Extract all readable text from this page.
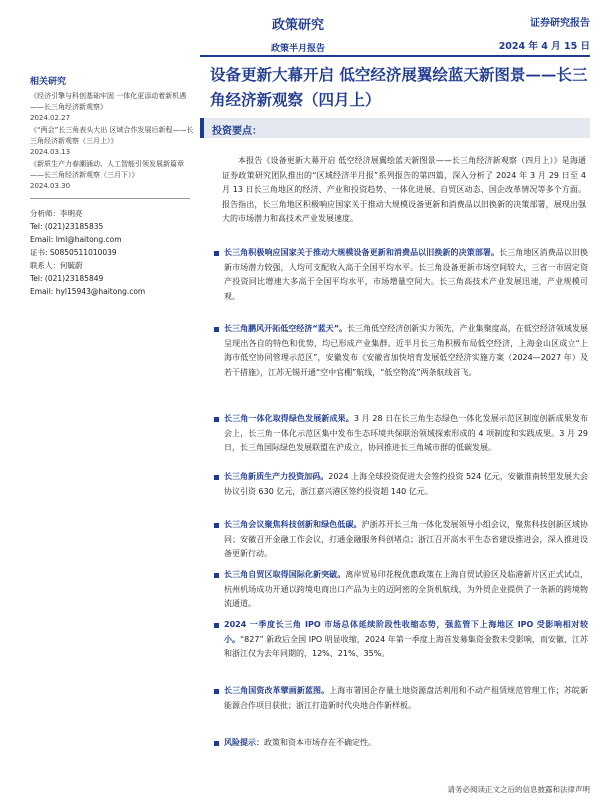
政策研究
政策半月报告
证券研究报告
2024 年 4 月 15 日
相关研究
《经济引擎与科创基础牢固 一体化更添动着新机遇——长三角经济新观察》
2024.02.27
《“两会”长三角表头大出 区域合作发展后新程——长三角经济新观察（三月上）》
2024.03.13
《新质生产力春潮涌动、人工智能引领发展新篇章——长三角经济新观察（三月下）》
2024.03.30
分析师：李明亮
Tel: (021)23185835
Email: lml@haitong.com
证书: S0850511010039
联系人：何毓蔚
Tel: (021)23185849
Email: hyl15943@haitong.com
设备更新大幕开启 低空经济展翼绘蓝天新图景——长三角经济新观察（四月上）
投资要点：
本报告《设备更新大幕开启 低空经济展翼绘蓝天新图景——长三角经济新观察（四月上）》是海通证券政策研究团队推出的“区域经济半月报”系列报告的第四篇，深入分析了 2024 年 3 月 29 日至 4 月 13 日长三角地区的经济、产业和投资趋势、一体化进展、自贸区动态、国企改革情况等多个方面。报告指出，长三角地区积极响应国家关于推动大规模设备更新和消费品以旧换新的决策部署，展现出强大的市场潜力和高技术产业发展速度。

长三角积极响应国家关于推动大规模设备更新和消费品以旧换新的决策部署。长三角地区消费品以旧换新市场潜力较强，人均可支配收入高于全国平均水平。长三角设备更新市场空间较大，三省一市固定资产投资同比增速大多高于全国平均水平，市场增量空间大。长三角高技术产业发展迅速，产业规模可观。

长三角鹏风开拓低空经济“蓝天”。长三角低空经济创新实力领先，产业集聚度高，在低空经济领域发展呈现出各自的特色和优势，均已形成产业集群。近半月长三角积极布局低空经济，上海金山区成立“上海市低空协同管理示范区”，安徽发布《安徽省加快培育发展低空经济实施方案（2024—2027 年）及若干措施》，江苏无锡开通“空中官棚”航线，“低空物流”两条航线首飞。

长三角一体化取得绿色发展新成果。3 月 28 日在长三角生态绿色一体化发展示范区制度创新成果发布会上，长三角一体化示范区集中发布生态环境共保联治领域探索形成的 4 项制度和实践成果。3 月 29 日，长三角国际绿色发展联盟在沪成立，协同推进长三角城市群的低碳发展。

长三角新质生产力投资加码。2024 上海全球投资促进大会签约投资 524 亿元，安徽淮南转型发展大会协议引资 630 亿元，浙江嘉兴港区签约投资超 140 亿元。

长三角会议聚焦科技创新和绿色低碳。沪浙苏开长三角一体化发展领导小组会议，聚焦科技创新区域协同；安徽召开金融工作会议，打通金融服务科创堵点；浙江召开高水平生态省建设推进会，深入推进设备更新行动。

长三角自贸区取得国际化新突破。离岸贸易印花税优惠政策在上海自贸试验区及临港新片区正式试点，杭州机场成功开通以跨境电商出口产品为主的迈阿密的全货机航线，为外贸企业提供了一条新的跨境物流通道。

2024 一季度长三角 IPO 市场总体延续阶段性收缩态势，强监管下上海地区 IPO 受影响相对较小。“827” 新政后全国 IPO 明显收缩，2024 年第一季度上海首发募集资金数未受影响，而安徽、江苏和浙江仅为去年同期的，12%、21%、35%。

长三角国资改革擘画新蓝图。上海市署国企存量土地资源盘活利用和不动产租赁规范管理工作；苏皖新能源合作项目获批；浙江打造新时代央地合作新样板。

风险提示：政策和资本市场存在不确定性。

请务必阅读正文之后的信息披露和法律声明
